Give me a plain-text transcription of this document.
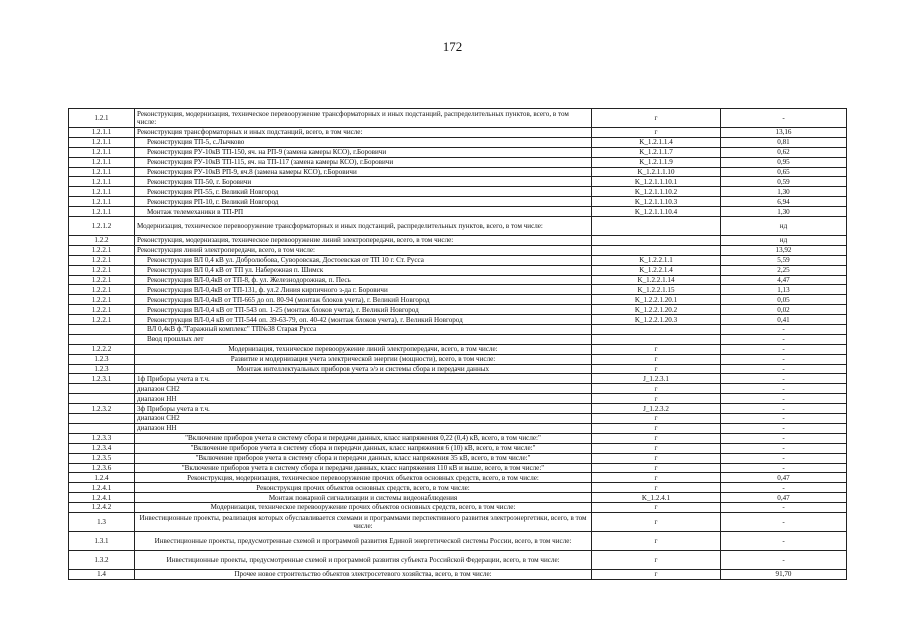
172
1.2.1	Реконструкция, модернизация, техническое перевооружение трансформаторных и иных подстанций, распределительных пунктов, всего, в том числе:	г	-
1.2.1.1	Реконструкция трансформаторных и иных подстанций, всего, в том числе:	г	13,16
1.2.1.1	Реконструкция ТП-5, с.Лычково	K_1.2.1.1.4	0,81
1.2.1.1	Реконструкция РУ-10кВ ТП-150, яч. на РП-9 (замена камеры КСО), г.Боровичи	K_1.2.1.1.7	0,62
1.2.1.1	Реконструкция РУ-10кВ ТП-115, яч. на ТП-117 (замена камеры КСО), г.Боровичи	K_1.2.1.1.9	0,95
1.2.1.1	Реконструкция РУ-10кВ РП-9, яч.8 (замена камеры КСО), г.Боровичи	K_1.2.1.1.10	0,65
1.2.1.1	Реконструкция ТП-50, г. Боровичи	K_1.2.1.1.10.1	0,59
1.2.1.1	Реконструкция РП-55, г. Великий Новгород	K_1.2.1.1.10.2	1,30
1.2.1.1	Реконструкция РП-10, г. Великий Новгород	K_1.2.1.1.10.3	6,94
1.2.1.1	Монтаж телемеханики в ТП-РП	K_1.2.1.1.10.4	1,30
1.2.1.2	Модернизация, техническое перевооружение трансформаторных и иных подстанций, распределительных пунктов, всего, в том числе:		нд
1.2.2	Реконструкция, модернизация, техническое перевооружение линий электропередачи, всего, в том числе:		нд
1.2.2.1	Реконструкция линий электропередачи, всего, в том числе:		13,92
1.2.2.1	Реконструкция ВЛ 0,4 кВ ул. Добролюбова, Суворовская, Достоевская от ТП 10 г. Ст. Русса	K_1.2.2.1.1	5,59
1.2.2.1	Реконструкция ВЛ 0,4 кВ от ТП ул. Набережная п. Шимск	K_1.2.2.1.4	2,25
1.2.2.1	Реконструкция ВЛ-0,4кВ от ТП-8, ф. ул. Железнодорожная, п. Песь	K_1.2.2.1.14	4,47
1.2.2.1	Реконструкция ВЛ-0,4кВ от ТП-131, ф. ул.2 Линия кирпичного з-да г. Боровичи	K_1.2.2.1.15	1,13
1.2.2.1	Реконструкция ВЛ-0,4кВ от ТП-665 до оп. 80-94 (монтаж блоков учета), г. Великий Новгород	K_1.2.2.1.20.1	0,05
1.2.2.1	Реконструкция ВЛ-0,4 кВ от ТП-543 оп. 1-25 (монтаж блоков учета), г. Великий Новгород	K_1.2.2.1.20.2	0,02
1.2.2.1	Реконструкция ВЛ-0,4 кВ от ТП-544 оп. 39-63-79, оп. 40-42 (монтаж блоков учета), г. Великий Новгород	K_1.2.2.1.20.3	0,41
	ВЛ 0,4кВ ф."Гаражный комплекс" ТП№38 Старая Русса		-
	Ввод прошлых лет		-
1.2.2.2	Модернизация, техническое перевооружение линий электропередачи, всего, в том числе:	г	-
1.2.3	Развитие и модернизация учета электрической энергии (мощности), всего, в том числе:	г	-
1.2.3	Монтаж интеллектуальных приборов учета э/э и системы сбора и передачи данных	г	-
1.2.3.1	1ф Приборы учета в т.ч.	J_1.2.3.1	-
	диапазон СН2	г	-
	диапазон НН	г	-
1.2.3.2	3ф Приборы учета в т.ч.	J_1.2.3.2	-
	диапазон СН2	г	-
	диапазон НН	г	-
1.2.3.3	"Включение приборов учета в систему сбора и передачи данных, класс напряжения 0,22 (0,4) кВ, всего, в том числе:"	г	-
1.2.3.4	"Включение приборов учета в систему сбора и передачи данных, класс напряжения 6 (10) кВ, всего, в том числе:"	г	-
1.2.3.5	"Включение приборов учета в систему сбора и передачи данных, класс напряжения 35 кВ, всего, в том числе:"	г	-
1.2.3.6	"Включение приборов учета в систему сбора и передачи данных, класс напряжения 110 кВ и выше, всего, в том числе:"	г	-
1.2.4	Реконструкция, модернизация, техническое перевооружение прочих объектов основных средств, всего, в том числе:	г	0,47
1.2.4.1	Реконструкция прочих объектов основных средств, всего, в том числе:	г	-
1.2.4.1	Монтаж пожарной сигнализации и системы видеонаблюдения	K_1.2.4.1	0,47
1.2.4.2	Модернизация, техническое перевооружение прочих объектов основных средств, всего, в том числе:	г	-
1.3	Инвестиционные проекты, реализация которых обуславливается схемами и программами перспективного развития электроэнергетики, всего, в том числе:	г	-
1.3.1	Инвестиционные проекты, предусмотренные схемой и программой развития Единой энергетической системы России, всего, в том числе:	г	-
1.3.2	Инвестиционные проекты, предусмотренные схемой и программой развития субъекта Российской Федерации, всего, в том числе:	г	-
1.4	Прочее новое строительство объектов электросетевого хозяйства, всего, в том числе:	г	91,70
